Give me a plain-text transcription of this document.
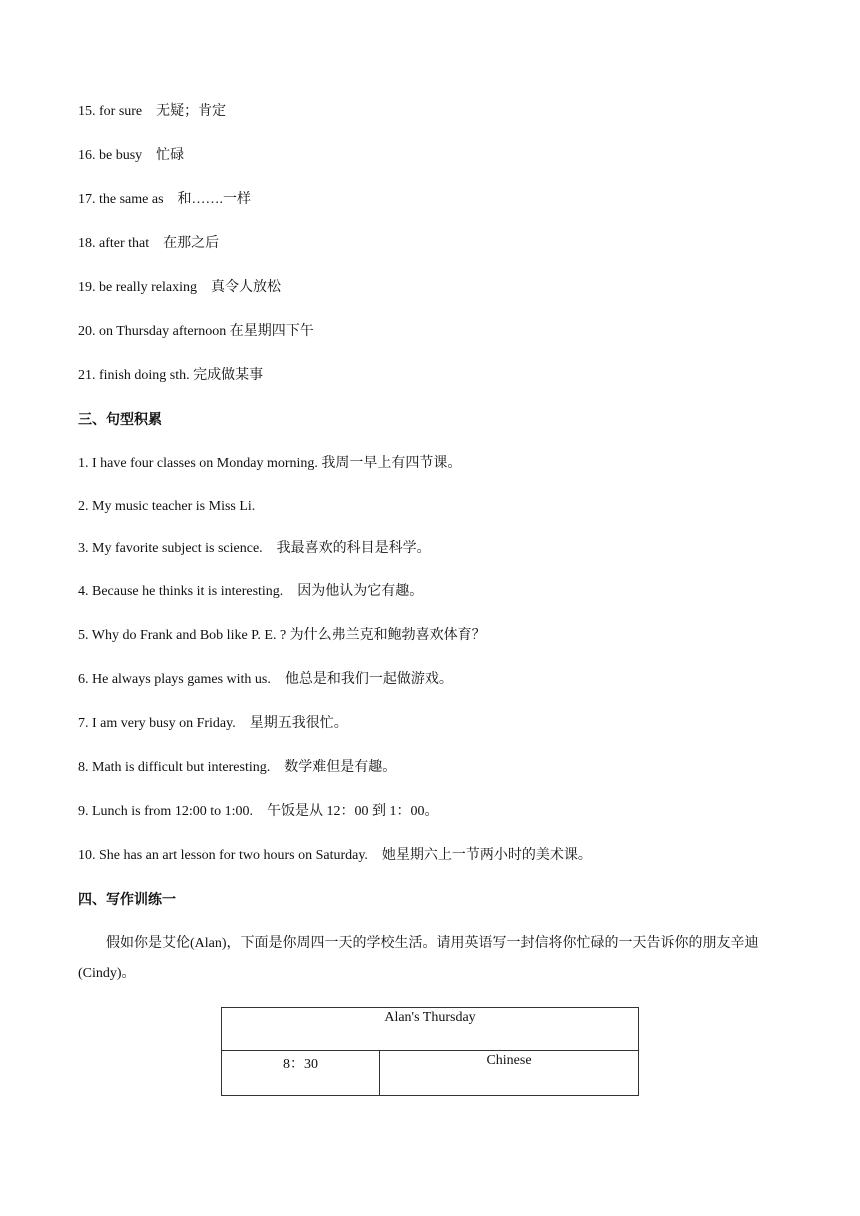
15. for sure　无疑；肯定
16. be busy　忙碌
17. the same as　和…….一样
18. after that　在那之后
19. be really relaxing　真令人放松
20. on Thursday afternoon 在星期四下午
21. finish doing sth. 完成做某事
三、句型积累
1. I have four classes on Monday morning. 我周一早上有四节课。
2. My music teacher is Miss Li.
3. My favorite subject is science.　我最喜欢的科目是科学。
4. Because he thinks it is interesting.　因为他认为它有趣。
5. Why do Frank and Bob like P. E. ? 为什么弗兰克和鲍勃喜欢体育？
6. He always plays games with us.　他总是和我们一起做游戏。
7. I am very busy on Friday.　星期五我很忙。
8. Math is difficult but interesting.　数学难但是有趣。
9. Lunch is from 12:00 to 1:00.　午饭是从 12：00 到 1：00。
10. She has an art lesson for two hours on Saturday.　她星期六上一节两小时的美术课。
四、写作训练一
假如你是艾伦(Alan)，下面是你周四一天的学校生活。请用英语写一封信将你忙碌的一天告诉你的朋友辛迪(Cindy)。
Alan's Thursday
8：30	Chinese
